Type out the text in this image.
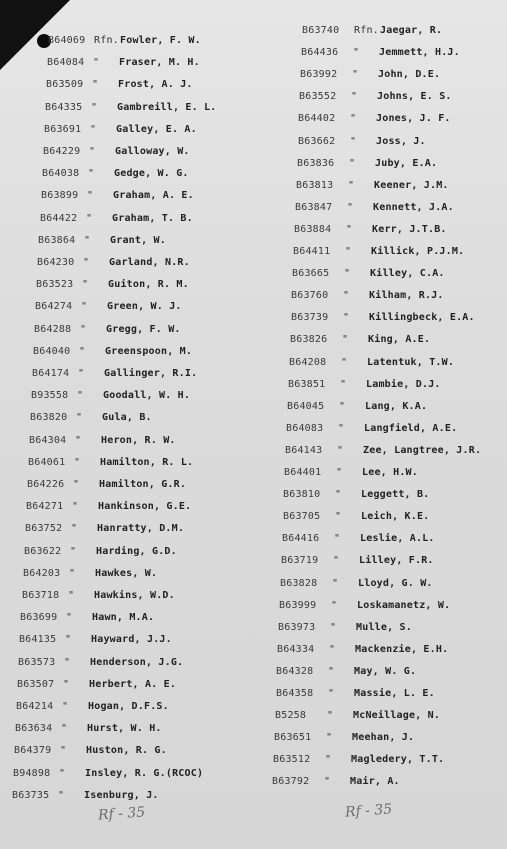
B64069 Rfn. Fowler, F. W.
B64084 " Fraser, M. H.
B63509 " Frost, A. J.
B64335 " Gambreill, E. L.
B63691 " Galley, E. A.
B64229 " Galloway, W.
B64038 " Gedge, W. G.
B63899 " Graham, A. E.
B64422 " Graham, T. B.
B63864 " Grant, W.
B64230 " Garland, N.R.
B63523 " Guiton, R. M.
B64274 " Green, W. J.
B64288 " Gregg, F. W.
B64040 " Greenspoon, M.
B64174 " Gallinger, R.I.
B93558 " Goodall, W. H.
B63820 " Gula, B.
B64304 " Heron, R. W.
B64061 " Hamilton, R. L.
B64226 " Hamilton, G.R.
B64271 " Hankinson, G.E.
B63752 " Hanratty, D.M.
B63622 " Harding, G.D.
B64203 " Hawkes, W.
B63718 " Hawkins, W.D.
B63699 " Hawn, M.A.
B64135 " Hayward, J.J.
B63573 " Henderson, J.G.
B63507 " Herbert, A. E.
B64214 " Hogan, D.F.S.
B63634 " Hurst, W. H.
B64379 " Huston, R. G.
B94898 " Insley, R. G.(RCOC)
B63735 " Isenburg, J.
B63740 Rfn. Jaegar, R.
B64436 " Jemmett, H.J.
B63992 " John, D.E.
B63552 " Johns, E. S.
B64402 " Jones, J. F.
B63662 " Joss, J.
B63836 " Juby, E.A.
B63813 " Keener, J.M.
B63847 " Kennett, J.A.
B63884 " Kerr, J.T.B.
B64411 " Killick, P.J.M.
B63665 " Killey, C.A.
B63760 " Kilham, R.J.
B63739 " Killingbeck, E.A.
B63826 " King, A.E.
B64208 " Latentuk, T.W.
B63851 " Lambie, D.J.
B64045 " Lang, K.A.
B64083 " Langfield, A.E.
B64143 " Zee, Langtree, J.R.
B64401 " Lee, H.W.
B63810 " Leggett, B.
B63705 " Leich, K.E.
B64416 " Leslie, A.L.
B63719 " Lilley, F.R.
B63828 " Lloyd, G. W.
B63999 " Loskamanetz, W.
B63973 " Mulle, S.
B64334 " Mackenzie, E.H.
B64328 " May, W. G.
B64358 " Massie, L. E.
B5258 " McNeillage, N.
B63651 " Meehan, J.
B63512 " Magledery, T.T.
B63792 " Mair, A.
Rf - 35	Rf - 35
